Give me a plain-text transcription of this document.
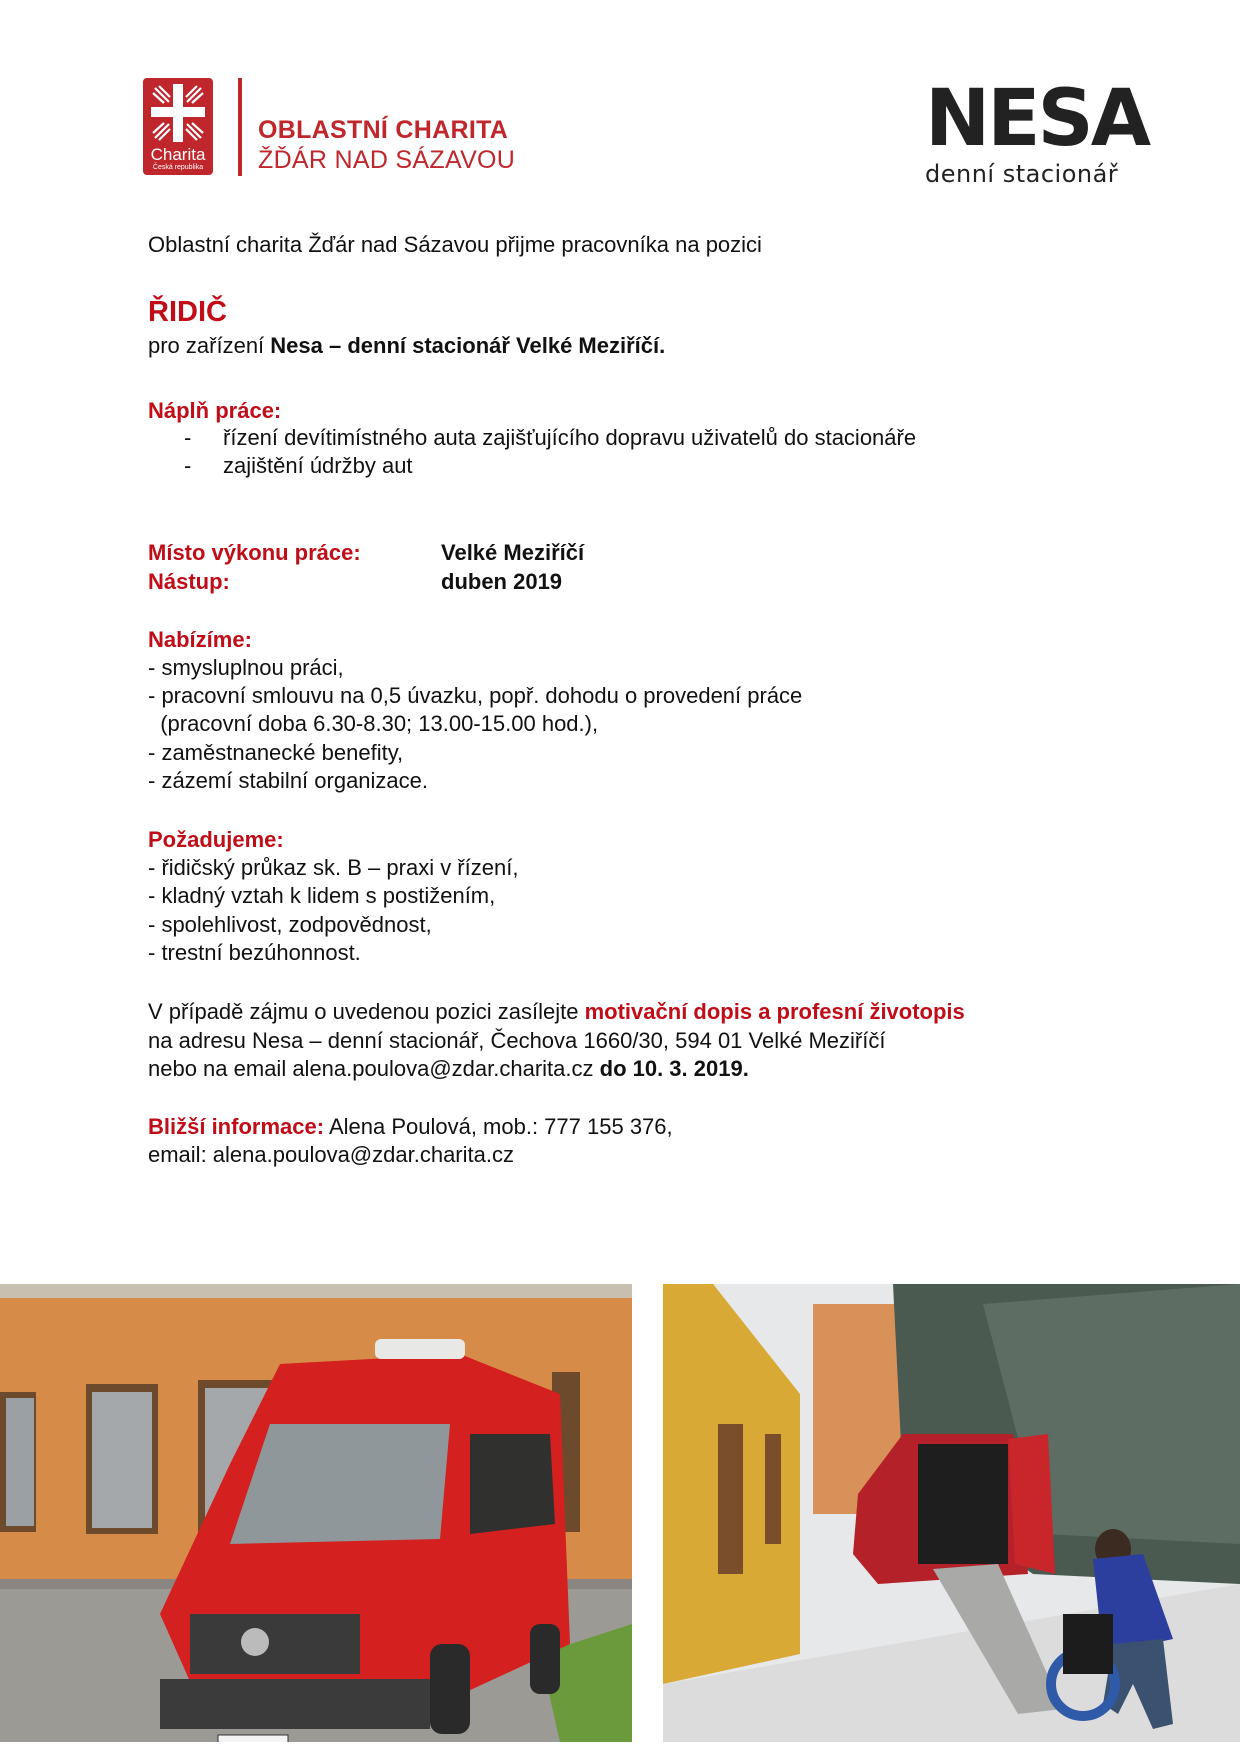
Charita
Česká republika
OBLASTNÍ CHARITA
ŽĎÁR NAD SÁZAVOU	NESA
denní stacionář
Oblastní charita Žďár nad Sázavou přijme pracovníka na pozici
ŘIDIČ
pro zařízení Nesa – denní stacionář Velké Meziříčí.
Náplň práce:
- řízení devítimístného auta zajišťujícího dopravu uživatelů do stacionáře
- zajištění údržby aut
Místo výkonu práce:	Velké Meziříčí
Nástup:	duben 2019
Nabízíme:
- smysluplnou práci,
- pracovní smlouvu na 0,5 úvazku, popř. dohodu o provedení práce
(pracovní doba 6.30-8.30; 13.00-15.00 hod.),
- zaměstnanecké benefity,
- zázemí stabilní organizace.
Požadujeme:
- řidičský průkaz sk. B – praxi v řízení,
- kladný vztah k lidem s postižením,
- spolehlivost, zodpovědnost,
- trestní bezúhonnost.
V případě zájmu o uvedenou pozici zasílejte motivační dopis a profesní životopis
na adresu Nesa – denní stacionář, Čechova 1660/30, 594 01 Velké Meziříčí
nebo na email alena.poulova@zdar.charita.cz do 10. 3. 2019.
Bližší informace: Alena Poulová, mob.: 777 155 376,
email: alena.poulova@zdar.charita.cz
